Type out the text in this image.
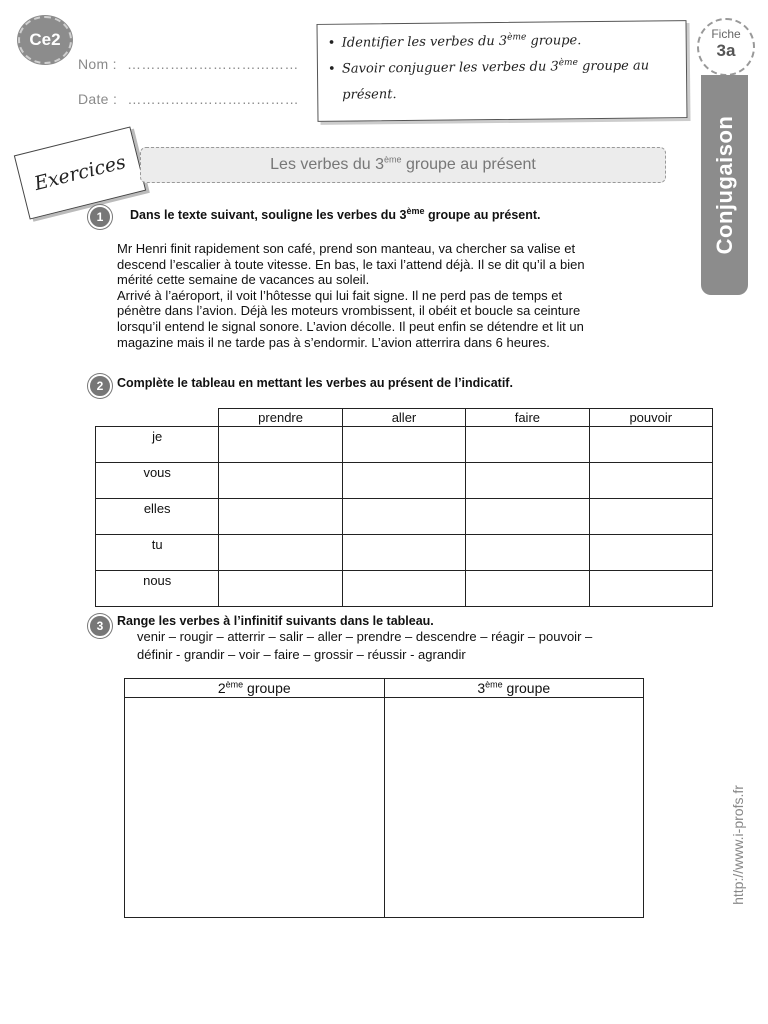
Ce2
Nom : ………………………………
Date : ………………………………
• Identifier les verbes du 3ème groupe.
• Savoir conjuguer les verbes du 3ème groupe au présent.
Fiche
3a
Conjugaison
Exercices	Les verbes du 3ème groupe au présent
1	Dans le texte suivant, souligne les verbes du 3ème groupe au présent.

Mr Henri finit rapidement son café, prend son manteau, va chercher sa valise et

descend l’escalier à toute vitesse. En bas, le taxi l’attend déjà. Il se dit qu’il a bien

mérité cette semaine de vacances au soleil.

Arrivé à l’aéroport, il voit l’hôtesse qui lui fait signe. Il ne perd pas de temps et

pénètre dans l’avion. Déjà les moteurs vrombissent, il obéit et boucle sa ceinture

lorsqu’il entend le signal sonore. L’avion décolle. Il peut enfin se détendre et lit un

magazine mais il ne tarde pas à s’endormir. L’avion atterrira dans 6 heures.

2	Complète le tableau en mettant les verbes au présent de l’indicatif.
	prendre	aller	faire	pouvoir
je				
vous				
elles				
tu				
nous				
3	Range les verbes à l’infinitif suivants dans le tableau.

venir – rougir – atterrir – salir – aller – prendre – descendre – réagir – pouvoir –

définir - grandir – voir – faire – grossir – réussir - agrandir

2ème groupe	3ème groupe

http://www.i-profs.fr
